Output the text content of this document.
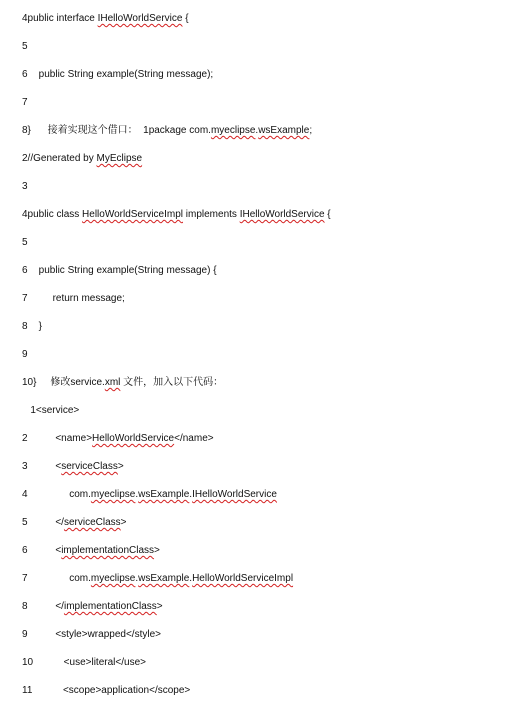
4public interface IHelloWorldService {
5
6    public String example(String message);
7
8}      接着实现这个借口：  1package com.myeclipse.wsExample;
2//Generated by MyEclipse
3
4public class HelloWorldServiceImpl implements IHelloWorldService {
5
6    public String example(String message) {
7         return message;
8    }
9
10}     修改service.xml 文件，加入以下代码：
1<service>
2          <name>HelloWorldService</name>
3          <serviceClass>
4               com.myeclipse.wsExample.IHelloWorldService
5          </serviceClass>
6          <implementationClass>
7               com.myeclipse.wsExample.HelloWorldServiceImpl
8          </implementationClass>
9          <style>wrapped</style>
10           <use>literal</use>
11           <scope>application</scope>
